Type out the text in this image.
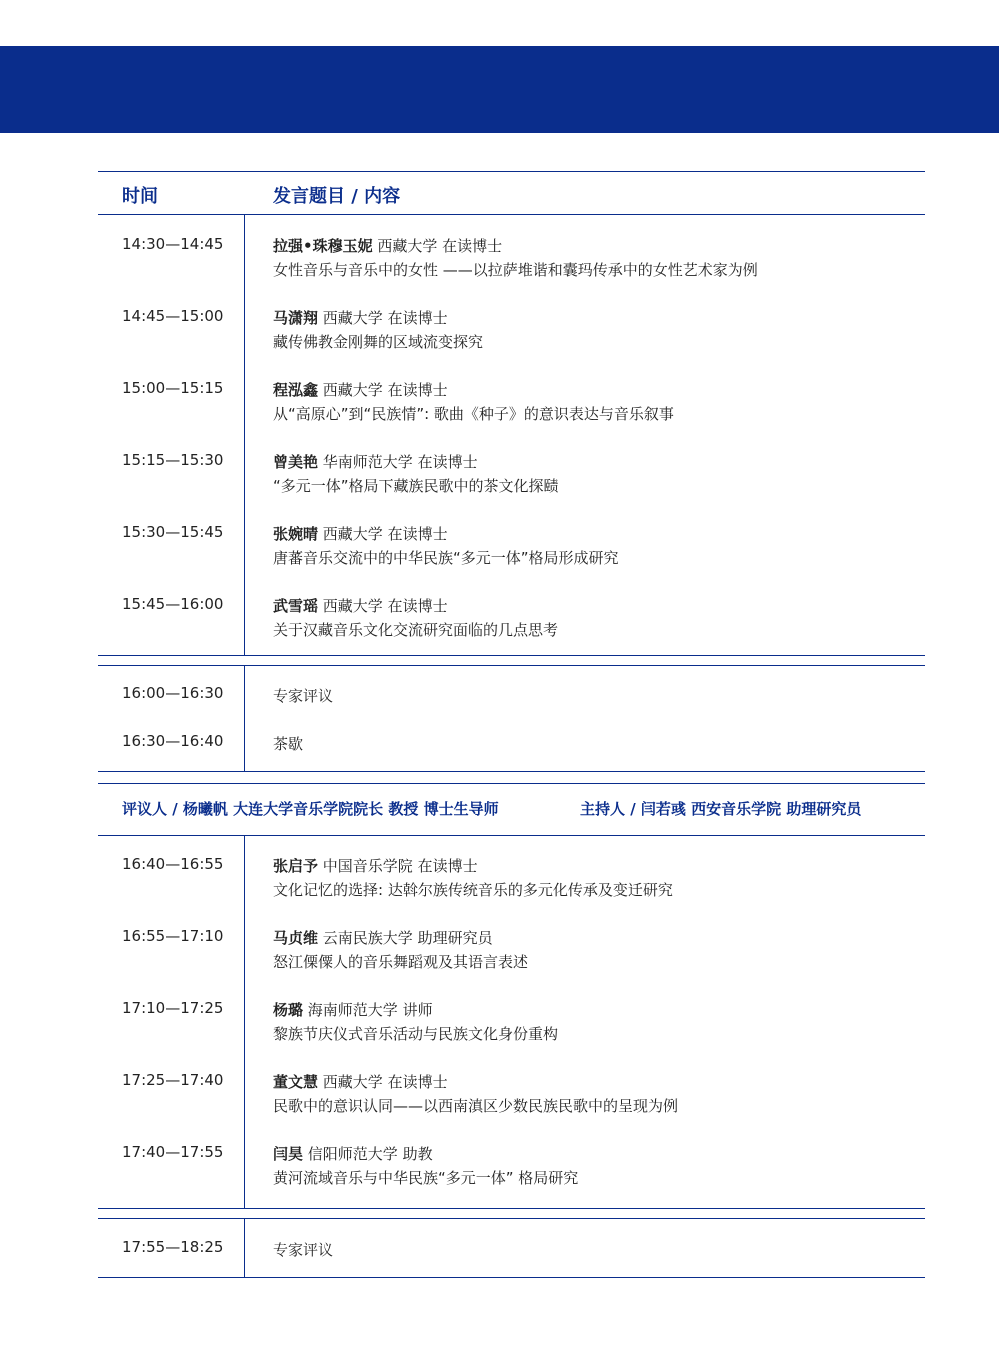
时间	发言题目 / 内容
14:30—14:45	拉强•珠穆玉妮 西藏大学 在读博士
女性音乐与音乐中的女性 ——以拉萨堆谐和囊玛传承中的女性艺术家为例
14:45—15:00	马潇翔 西藏大学 在读博士
藏传佛教金刚舞的区域流变探究
15:00—15:15	程泓鑫 西藏大学 在读博士
从“高原心”到“民族情”: 歌曲《种子》的意识表达与音乐叙事
15:15—15:30	曾美艳 华南师范大学 在读博士
“多元一体”格局下藏族民歌中的茶文化探赜
15:30—15:45	张婉晴 西藏大学 在读博士
唐蕃音乐交流中的中华民族“多元一体”格局形成研究
15:45—16:00	武雪瑶 西藏大学 在读博士
关于汉藏音乐文化交流研究面临的几点思考
16:00—16:30	专家评议
16:30—16:40	茶歇
评议人 / 杨曦帆 大连大学音乐学院院长 教授 博士生导师	主持人 / 闫若彧 西安音乐学院 助理研究员
16:40—16:55	张启予 中国音乐学院 在读博士
文化记忆的选择: 达斡尔族传统音乐的多元化传承及变迁研究
16:55—17:10	马贞维 云南民族大学 助理研究员
怒江傈僳人的音乐舞蹈观及其语言表述
17:10—17:25	杨璐 海南师范大学 讲师
黎族节庆仪式音乐活动与民族文化身份重构
17:25—17:40	董文慧 西藏大学 在读博士
民歌中的意识认同——以西南滇区少数民族民歌中的呈现为例
17:40—17:55	闫昊 信阳师范大学 助教
黄河流域音乐与中华民族“多元一体” 格局研究
17:55—18:25	专家评议
